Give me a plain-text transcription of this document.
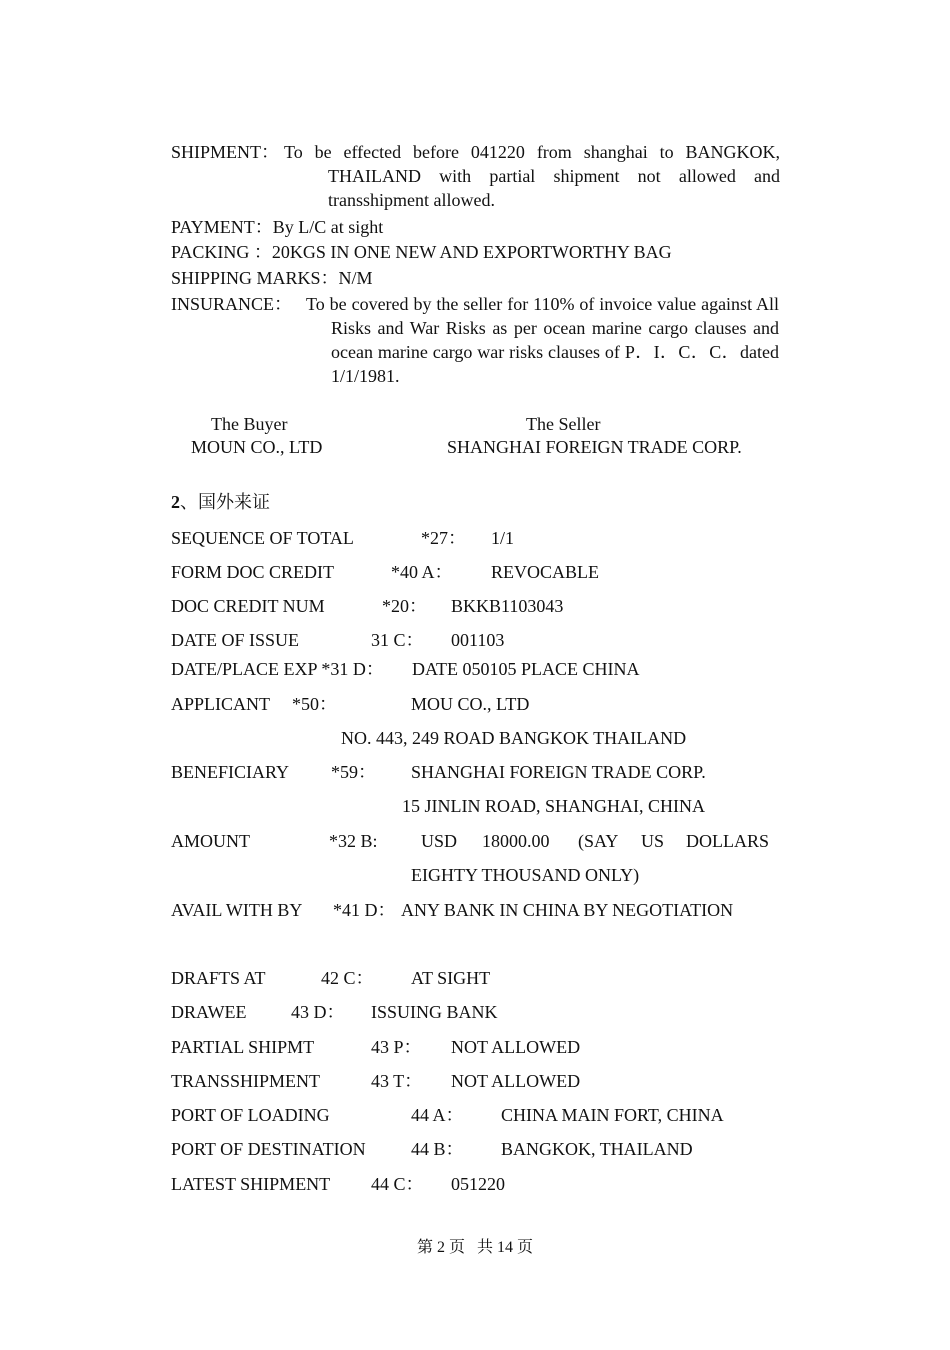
SHIPMENT： To be effected before 041220 from shanghai to BANGKOK, THAILAND with partial shipment not allowed and transshipment allowed.
PAYMENT：By L/C at sight
PACKING ：20KGS IN ONE NEW AND EXPORTWORTHY BAG
SHIPPING MARKS：N/M
INSURANCE： To be covered by the seller for 110% of invoice value against All Risks and War Risks as per ocean marine cargo clauses and ocean marine cargo war risks clauses of P．I．C．C．dated 1/1/1981.
The Buyer
MOUN CO., LTD
The Seller
SHANGHAI FOREIGN TRADE CORP.
2、国外来证
SEQUENCE OF TOTAL	*27： 1/1
FORM DOC CREDIT	*40 A： REVOCABLE
DOC CREDIT NUM	*20： BKKB1103043
DATE OF ISSUE	31 C： 001103
DATE/PLACE EXP *31 D： DATE 050105 PLACE CHINA
APPLICANT *50：	MOU CO., LTD
NO. 443, 249 ROAD BANGKOK THAILAND
BENEFICIARY *59： SHANGHAI FOREIGN TRADE CORP.
15 JINLIN ROAD, SHANGHAI, CHINA
AMOUNT	*32 B: USD 18000.00 (SAY US DOLLARS
EIGHTY THOUSAND ONLY)
AVAIL WITH BY *41 D： ANY BANK IN CHINA BY NEGOTIATION
DRAFTS AT	42 C： AT SIGHT
DRAWEE 43 D： ISSUING BANK
PARTIAL SHIPMT	43 P： NOT ALLOWED
TRANSSHIPMENT	43 T： NOT ALLOWED
PORT OF LOADING	44 A： CHINA MAIN FORT, CHINA
PORT OF DESTINATION	44 B： BANGKOK, THAILAND
LATEST SHIPMENT 44 C： 051220
第 2 页   共 14 页
